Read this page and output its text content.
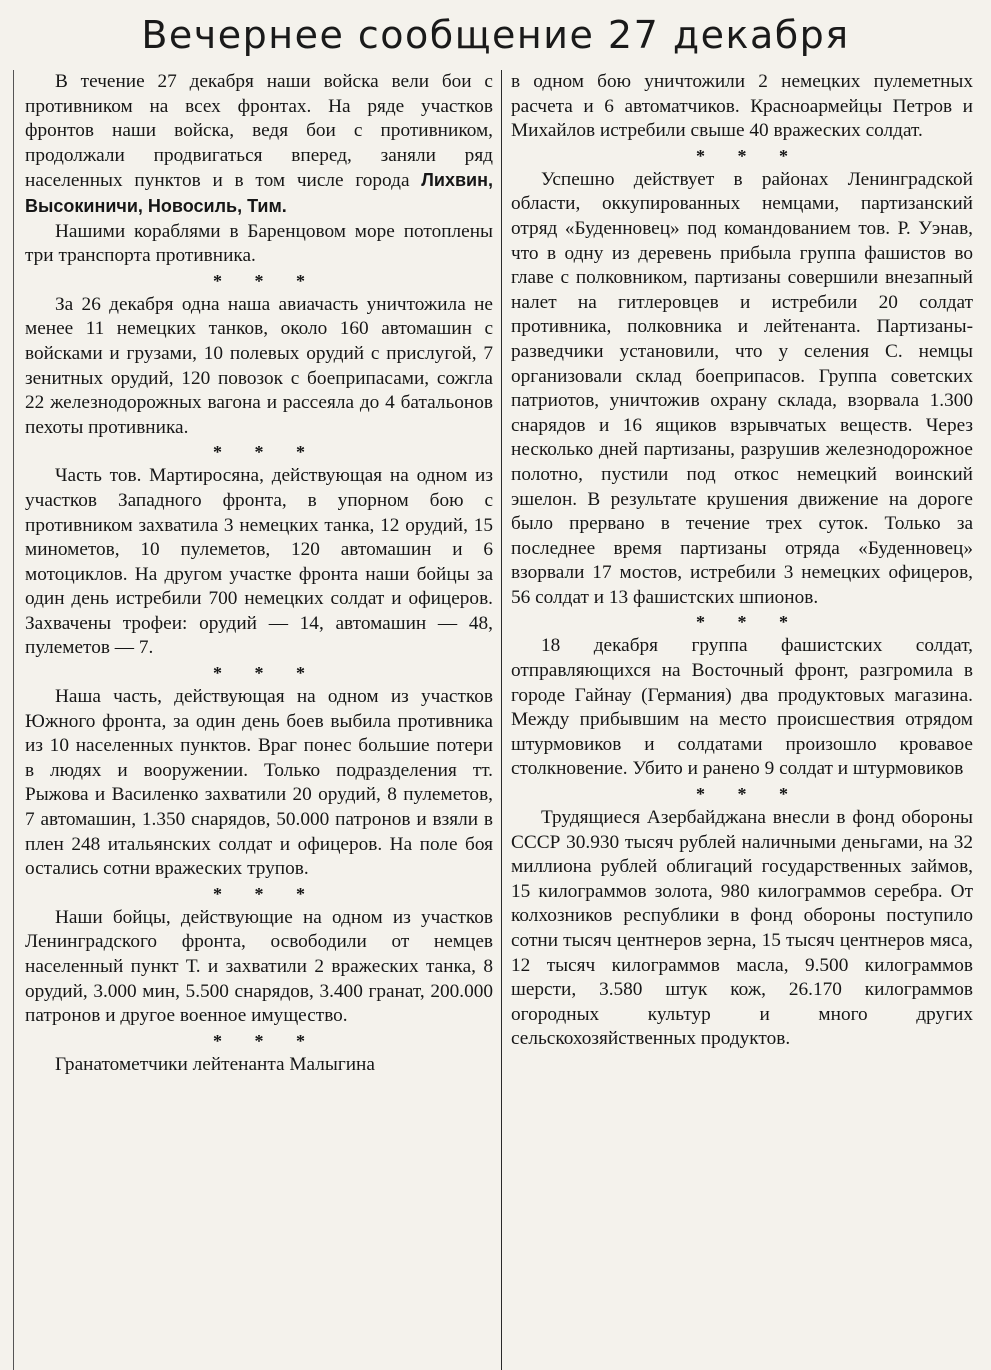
Вечернее сообщение 27 декабря

В течение 27 декабря наши войска вели бои с противником на всех фронтах. На ряде участков фронтов наши войска, ведя бои с противником, продолжали продвигаться вперед, заняли ряд населенных пунктов и в том числе города Лихвин, Высокиничи, Новосиль, Тим.

Нашими кораблями в Баренцовом море потоплены три транспорта противника.

* * *

За 26 декабря одна наша авиачасть уничтожила не менее 11 немецких танков, около 160 автомашин с войсками и грузами, 10 полевых орудий с прислугой, 7 зенитных орудий, 120 повозок с боеприпасами, сожгла 22 железнодорожных вагона и рассеяла до 4 батальонов пехоты противника.

* * *

Часть тов. Мартиросяна, действующая на одном из участков Западного фронта, в упорном бою с противником захватила 3 немецких танка, 12 орудий, 15 минометов, 10 пулеметов, 120 автомашин и 6 мотоциклов. На другом участке фронта наши бойцы за один день истребили 700 немецких солдат и офицеров. Захвачены трофеи: орудий — 14, автомашин — 48, пулеметов — 7.

* * *

Наша часть, действующая на одном из участков Южного фронта, за один день боев выбила противника из 10 населенных пунктов. Враг понес большие потери в людях и вооружении. Только подразделения тт. Рыжова и Василенко захватили 20 орудий, 8 пулеметов, 7 автомашин, 1.350 снарядов, 50.000 патронов и взяли в плен 248 итальянских солдат и офицеров. На поле боя остались сотни вражеских трупов.

* * *

Наши бойцы, действующие на одном из участков Ленинградского фронта, освободили от немцев населенный пункт Т. и захватили 2 вражеских танка, 8 орудий, 3.000 мин, 5.500 снарядов, 3.400 гранат, 200.000 патронов и другое военное имущество.

* * *

Гранатометчики лейтенанта Малыгина

в одном бою уничтожили 2 немецких пулеметных расчета и 6 автоматчиков. Красноармейцы Петров и Михайлов истребили свыше 40 вражеских солдат.

* * *

Успешно действует в районах Ленинградской области, оккупированных немцами, партизанский отряд «Буденновец» под командованием тов. Р. Уэнав, что в одну из деревень прибыла группа фашистов во главе с полковником, партизаны совершили внезапный налет на гитлеровцев и истребили 20 солдат противника, полковника и лейтенанта. Партизаны-разведчики установили, что у селения С. немцы организовали склад боеприпасов. Группа советских патриотов, уничтожив охрану склада, взорвала 1.300 снарядов и 16 ящиков взрывчатых веществ. Через несколько дней партизаны, разрушив железнодорожное полотно, пустили под откос немецкий воинский эшелон. В результате крушения движение на дороге было прервано в течение трех суток. Только за последнее время партизаны отряда «Буденновец» взорвали 17 мостов, истребили 3 немецких офицеров, 56 солдат и 13 фашистских шпионов.

* * *

18 декабря группа фашистских солдат, отправляющихся на Восточный фронт, разгромила в городе Гайнау (Германия) два продуктовых магазина. Между прибывшим на место происшествия отрядом штурмовиков и солдатами произошло кровавое столкновение. Убито и ранено 9 солдат и штурмовиков

* * *

Трудящиеся Азербайджана внесли в фонд обороны СССР 30.930 тысяч рублей наличными деньгами, на 32 миллиона рублей облигаций государственных займов, 15 килограммов золота, 980 килограммов серебра. От колхозников республики в фонд обороны поступило сотни тысяч центнеров зерна, 15 тысяч центнеров мяса, 12 тысяч килограммов масла, 9.500 килограммов шерсти, 3.580 штук кож, 26.170 килограммов огородных культур и много других сельскохозяйственных продуктов.
